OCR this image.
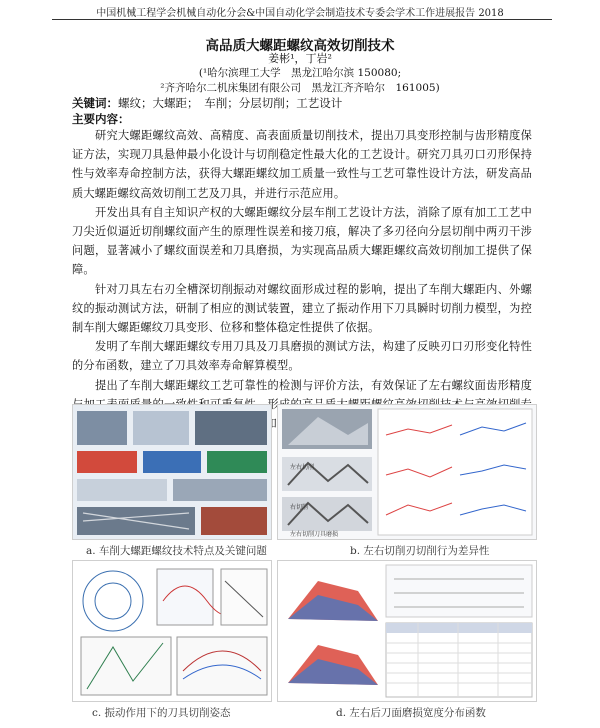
中国机械工程学会机械自动化分会&中国自动化学会制造技术专委会学术工作进展报告 2018
高品质大螺距螺纹高效切削技术
姜彬¹，丁岩²
(¹哈尔滨理工大学　黑龙江哈尔滨 150080;
²齐齐哈尔二机床集团有限公司　黑龙江齐齐哈尔　161005)
关键词：螺纹；大螺距；　车削；分层切削；工艺设计
主要内容：

研究大螺距螺纹高效、高精度、高表面质量切削技术，提出刀具变形控制与齿形精度保证方法，实现刀具悬伸最小化设计与切削稳定性最大化的工艺设计。研究刀具刃口刃形保持性与效率寿命控制方法，获得大螺距螺纹加工质量一致性与工艺可靠性设计方法，研发高品质大螺距螺纹高效切削工艺及刀具，并进行示范应用。

开发出具有自主知识产权的大螺距螺纹分层车削工艺设计方法，消除了原有加工工艺中刀尖近似逼近切削螺纹面产生的原理性误差和接刀痕，解决了多刃径向分层切削中两刃干涉问题，显著减小了螺纹面误差和刀具磨损，为实现高品质大螺距螺纹高效切削加工提供了保障。

针对刀具左右刃全槽深切削振动对螺纹面形成过程的影响，提出了车削大螺距内、外螺纹的振动测试方法，研制了相应的测试装置，建立了振动作用下刀具瞬时切削力模型，为控制车削大螺距螺纹刀具变形、位移和整体稳定性提供了依据。

发明了车削大螺距螺纹专用刀具及刀具磨损的测试方法，构建了反映刃口刃形变化特性的分布函数，建立了刀具效率寿命解算模型。

提出了车削大螺距螺纹工艺可靠性的检测与评价方法，有效保证了左右螺纹面齿形精度 。形成

a. 车削大螺距螺纹技术特点及关键问题
左右切削
右切削
左右切削刀具磨损
b. 左右切削刃切削行为差异性
c. 振动作用下的刀具切削姿态	d. 左右后刀面磨损宽度分布函数
